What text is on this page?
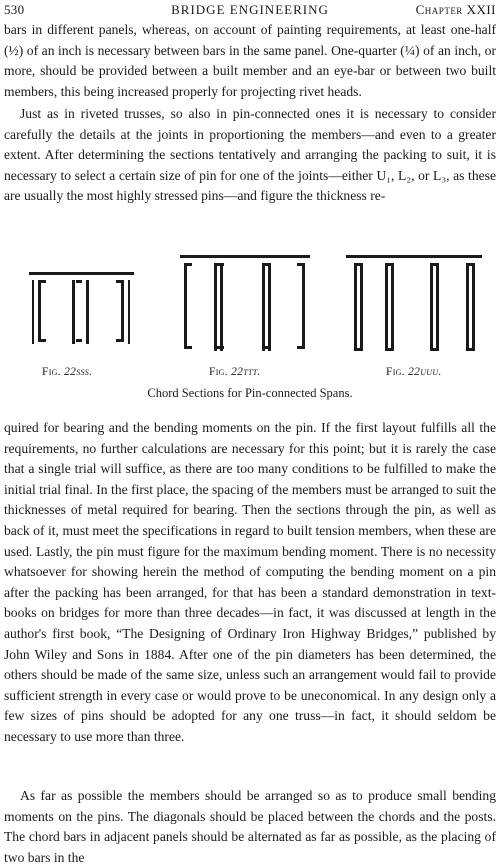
530	BRIDGE ENGINEERING	Chapter XXII

bars in different panels, whereas, on account of painting requirements, at least one-half (½) of an inch is necessary between bars in the same panel. One-quarter (¼) of an inch, or more, should be provided between a built member and an eye-bar or between two built members, this being increased properly for projecting rivet heads.

Just as in riveted trusses, so also in pin-connected ones it is necessary to consider carefully the details at the joints in proportioning the members—and even to a greater extent. After determining the sections tentatively and arranging the packing to suit, it is necessary to select a certain size of pin for one of the joints—either U₁, L₂, or L₃, as these are usually the most highly stressed pins—and figure the thickness re-

Fig. 22sss.	Fig. 22ttt.	Fig. 22uuu.
Chord Sections for Pin-connected Spans.

quired for bearing and the bending moments on the pin. If the first layout fulfills all the requirements, no further calculations are necessary for this point; but it is rarely the case that a single trial will suffice, as there are too many conditions to be fulfilled to make the initial trial final. In the first place, the spacing of the members must be arranged to suit the thicknesses of metal required for bearing. Then the sections through the pin, as well as back of it, must meet the specifications in regard to built tension members, when these are used. Lastly, the pin must figure for the maximum bending moment. There is no necessity whatsoever for showing herein the method of computing the bending moment on a pin after the packing has been arranged, for that has been a standard demonstration in text-books on bridges for more than three decades—in fact, it was discussed at length in the author's first book, “The Designing of Ordinary Iron Highway Bridges,” published by John Wiley and Sons in 1884. After one of the pin diameters has been determined, the others should be made of the same size, unless such an arrangement would fail to provide sufficient strength in every case or would prove to be uneconomical. In any design only a few sizes of pins should be adopted for any one truss—in fact, it should seldom be necessary to use more than three.

As far as possible the members should be arranged so as to produce small bending moments on the pins. The diagonals should be placed between the chords and the posts. The chord bars in adjacent panels should be alternated as far as possible, as the placing of two bars in the
